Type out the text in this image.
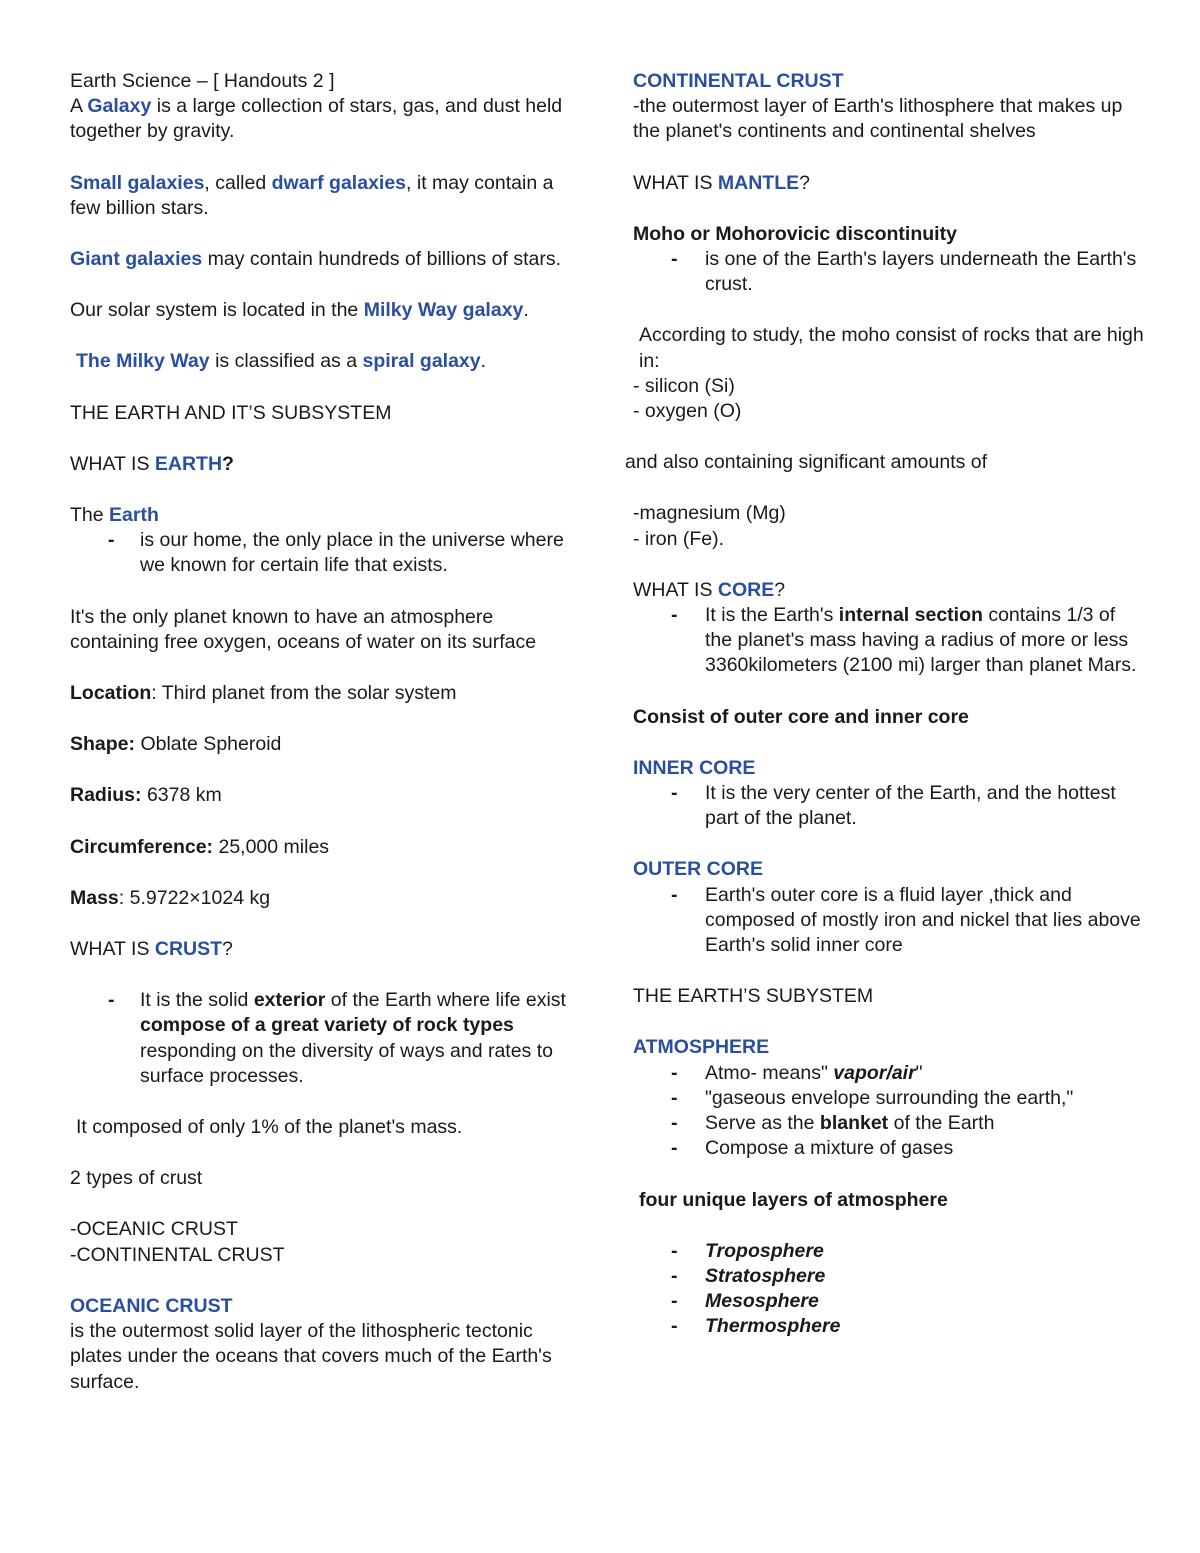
Earth Science – [ Handouts 2 ]

A Galaxy is a large collection of stars, gas, and dust held together by gravity.

Small galaxies, called dwarf galaxies, it may contain a few billion stars.

Giant galaxies may contain hundreds of billions of stars.

Our solar system is located in the Milky Way galaxy.

The Milky Way is classified as a spiral galaxy.

THE EARTH AND IT’S SUBSYSTEM

WHAT IS EARTH?

The Earth

- is our home, the only place in the universe where we known for certain life that exists.

It's the only planet known to have an atmosphere containing free oxygen, oceans of water on its surface

Location: Third planet from the solar system

Shape: Oblate Spheroid

Radius: 6378 km

Circumference: 25,000 miles

Mass: 5.9722×1024 kg

WHAT IS CRUST?

- It is the solid exterior of the Earth where life exist compose of a great variety of rock types responding on the diversity of ways and rates to surface processes.

It composed of only 1% of the planet's mass.

2 types of crust

-OCEANIC CRUST

-CONTINENTAL CRUST

OCEANIC CRUST

is the outermost solid layer of the lithospheric tectonic plates under the oceans that covers much of the Earth's surface.

CONTINENTAL CRUST

-the outermost layer of Earth's lithosphere that makes up the planet's continents and continental shelves

WHAT IS MANTLE?

Moho or Mohorovicic discontinuity

- is one of the Earth's layers underneath the Earth's crust.

According to study, the moho consist of rocks that are high in:

- silicon (Si)

- oxygen (O)

and also containing significant amounts of

-magnesium (Mg)

- iron (Fe).

WHAT IS CORE?

- It is the Earth's internal section contains 1/3 of the planet's mass having a radius of more or less 3360kilometers (2100 mi) larger than planet Mars.

Consist of outer core and inner core

INNER CORE

- It is the very center of the Earth, and the hottest part of the planet.

OUTER CORE

- Earth's outer core is a fluid layer ,thick and composed of mostly iron and nickel that lies above Earth's solid inner core

THE EARTH’S SUBYSTEM

ATMOSPHERE

- Atmo- means" vapor/air"

- "gaseous envelope surrounding the earth,"

- Serve as the blanket of the Earth

- Compose a mixture of gases

four unique layers of atmosphere

- Troposphere

- Stratosphere

- Mesosphere

- Thermosphere
